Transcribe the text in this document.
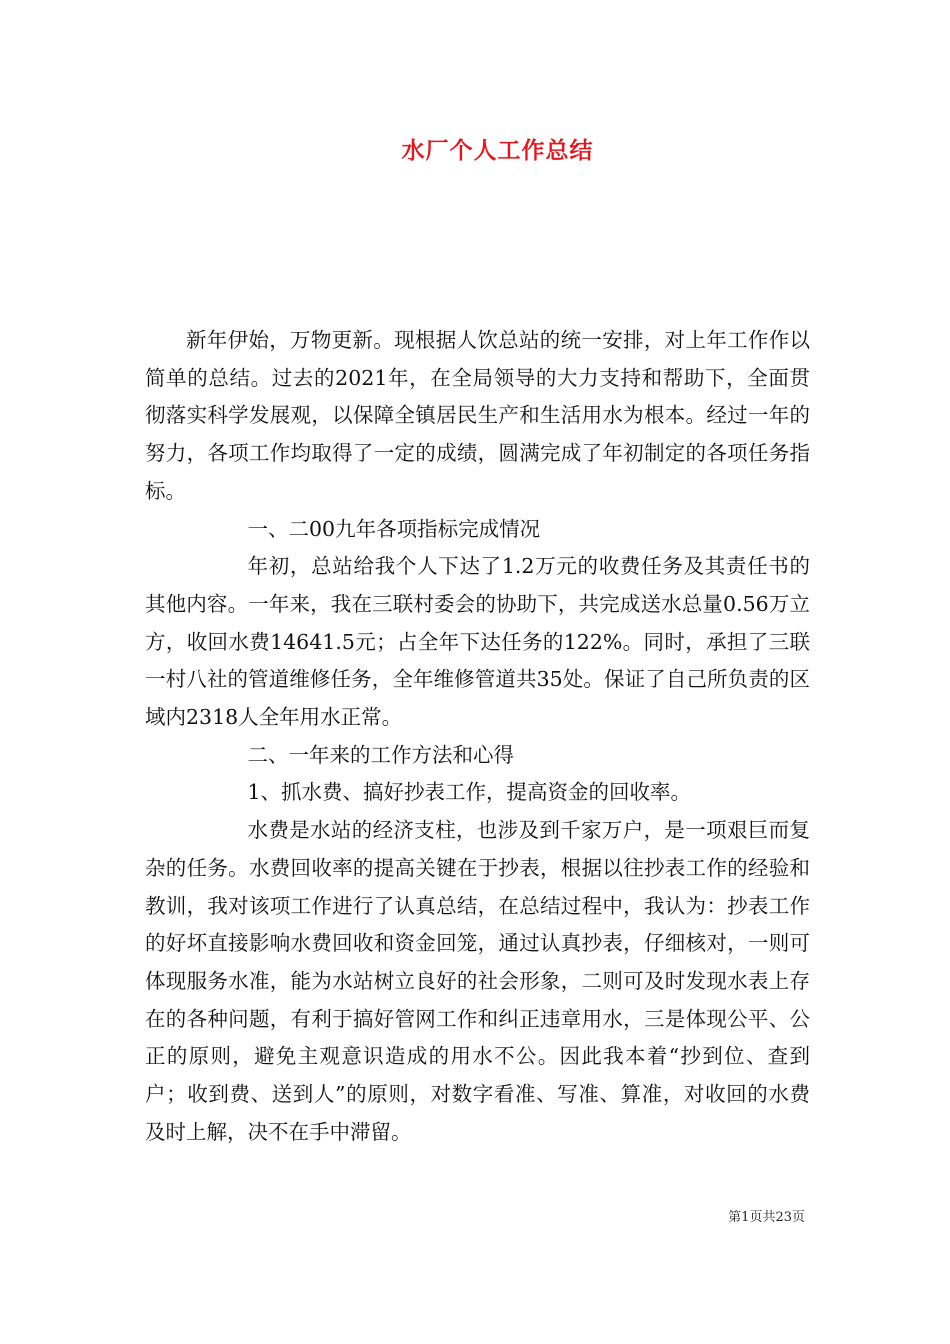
水厂个人工作总结

新年伊始，万物更新。现根据人饮总站的统一安排，对上年工作作以简单的总结。过去的2021年，在全局领导的大力支持和帮助下，全面贯彻落实科学发展观，以保障全镇居民生产和生活用水为根本。经过一年的努力，各项工作均取得了一定的成绩，圆满完成了年初制定的各项任务指标。

一、二00九年各项指标完成情况

年初，总站给我个人下达了1.2万元的收费任务及其责任书的其他内容。一年来，我在三联村委会的协助下，共完成送水总量0.56万立方，收回水费14641.5元；占全年下达任务的122%。同时，承担了三联一村八社的管道维修任务，全年维修管道共35处。保证了自己所负责的区域内2318人全年用水正常。

二、一年来的工作方法和心得

1、抓水费、搞好抄表工作，提高资金的回收率。

水费是水站的经济支柱，也涉及到千家万户，是一项艰巨而复杂的任务。水费回收率的提高关键在于抄表，根据以往抄表工作的经验和教训，我对该项工作进行了认真总结，在总结过程中，我认为：抄表工作的好坏直接影响水费回收和资金回笼，通过认真抄表，仔细核对，一则可体现服务水准，能为水站树立良好的社会形象，二则可及时发现水表上存在的各种问题，有利于搞好管网工作和纠正违章用水，三是体现公平、公正的原则，避免主观意识造成的用水不公。因此我本着“抄到位、查到户；收到费、送到人”的原则，对数字看准、写准、算准，对收回的水费及时上解，决不在手中滞留。

第1页共23页
